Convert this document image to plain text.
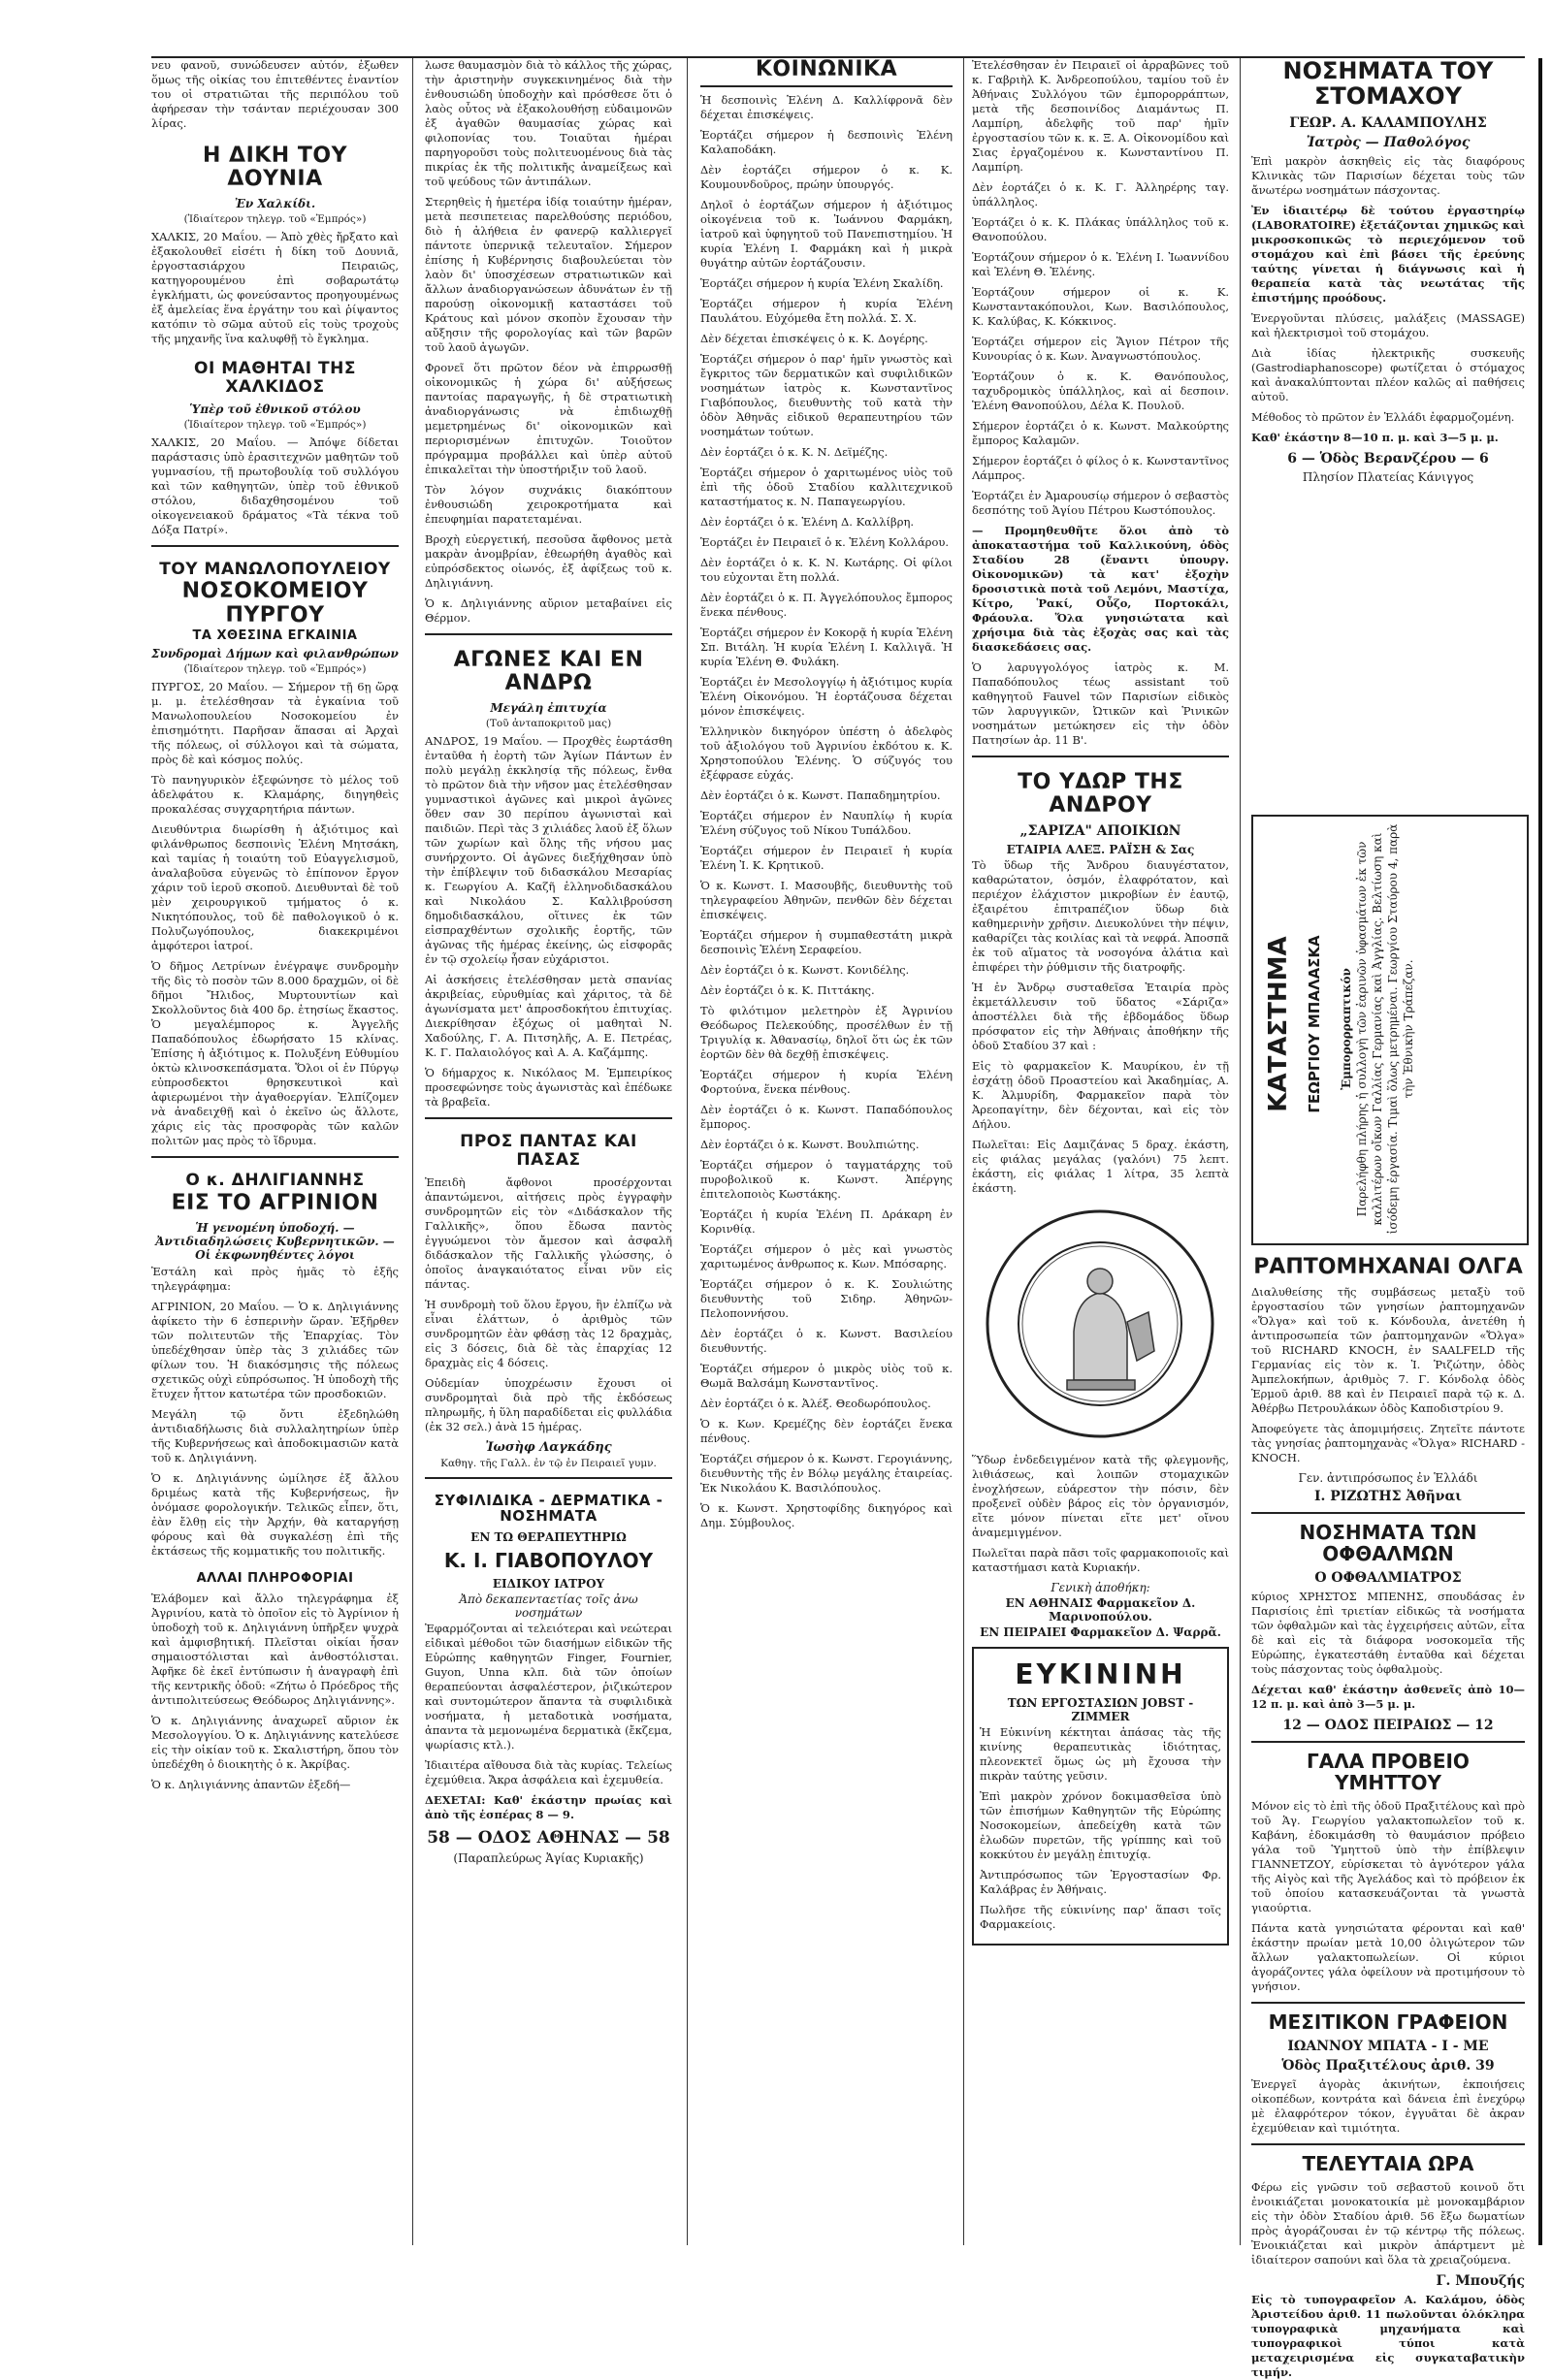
νευ φανοῦ, συνώδευσεν αὐτόν, ἐξωθεν ὅμως τῆς οἰκίας του ἐπιτεθέντες ἐναντίον του οἱ στρατιῶται τῆς περιπόλου τοῦ ἀφήρεσαν τὴν τσάνταν περιέχουσαν 300 λίρας.

Η ΔΙΚΗ ΤΟΥ ΔΟΥΝΙΑ
Ἐν Χαλκίδι.
(Ἰδιαίτερον τηλεγρ. τοῦ «Ἐμπρός»)

ΧΑΛΚΙΣ, 20 Μαΐου. — Ἀπὸ χθὲς ἤρξατο καὶ ἐξακολουθεῖ εἰσέτι ἡ δίκη τοῦ Δουνιᾶ, ἐργοστασιάρχου Πειραιῶς, κατηγορουμένου ἐπὶ σοβαρωτάτῳ ἐγκλήματι, ὡς φονεύσαντος προηγουμένως ἐξ ἀμελείας ἕνα ἐργάτην του καὶ ῥίψαντος κατόπιν τὸ σῶμα αὐτοῦ εἰς τοὺς τροχοὺς τῆς μηχανῆς ἵνα καλυφθῇ τὸ ἔγκλημα.

ΟΙ ΜΑΘΗΤΑΙ ΤΗΣ ΧΑΛΚΙΔΟΣ
Ὑπὲρ τοῦ ἐθνικοῦ στόλου
(Ἰδιαίτερον τηλεγρ. τοῦ «Ἐμπρός»)

ΧΑΛΚΙΣ, 20 Μαΐου. — Ἀπόψε δίδεται παράστασις ὑπὸ ἐρασιτεχνῶν μαθητῶν τοῦ γυμνασίου, τῇ πρωτοβουλίᾳ τοῦ συλλόγου καὶ τῶν καθηγητῶν, ὑπὲρ τοῦ ἐθνικοῦ στόλου, διδαχθησομένου τοῦ οἰκογενειακοῦ δράματος «Τὰ τέκνα τοῦ Δόξα Πατρί».

ΤΟΥ ΜΑΝΩΛΟΠΟΥΛΕΙΟΥ
ΝΟΣΟΚΟΜΕΙΟΥ ΠΥΡΓΟΥ
ΤΑ ΧΘΕΣΙΝΑ ΕΓΚΑΙΝΙΑ
Συνδρομαὶ Δήμων καὶ φιλανθρώπων
(Ἰδιαίτερον τηλεγρ. τοῦ «Ἐμπρός»)

ΠΥΡΓΟΣ, 20 Μαΐου. — Σήμερον τῇ 6ῃ ὥρᾳ μ. μ. ἐτελέσθησαν τὰ ἐγκαίνια τοῦ Μανωλοπουλείου Νοσοκομείου ἐν ἐπισημότητι. Παρῆσαν ἅπασαι αἱ Ἀρχαὶ τῆς πόλεως, οἱ σύλλογοι καὶ τὰ σώματα, πρὸς δὲ καὶ κόσμος πολύς.

Τὸ πανηγυρικὸν ἐξεφώνησε τὸ μέλος τοῦ ἀδελφάτου κ. Κλαμάρης, διηγηθεὶς προκαλέσας συγχαρητήρια πάντων.

Διευθύντρια διωρίσθη ἡ ἀξιότιμος καὶ φιλάνθρωπος δεσποινὶς Ἑλένη Μητσάκη, καὶ ταμίας ἡ τοιαύτη τοῦ Εὐαγγελισμοῦ, ἀναλαβοῦσα εὐγενῶς τὸ ἐπίπονον ἔργον χάριν τοῦ ἱεροῦ σκοποῦ. Διευθυνταὶ δὲ τοῦ μὲν χειρουργικοῦ τμήματος ὁ κ. Νικητόπουλος, τοῦ δὲ παθολογικοῦ ὁ κ. Πολυζωγόπουλος, διακεκριμένοι ἀμφότεροι ἰατροί.

Ὁ δῆμος Λετρίνων ἐνέγραψε συνδρομὴν τῆς δὶς τὸ ποσὸν τῶν 8.000 δραχμῶν, οἱ δὲ δῆμοι Ἤλιδος, Μυρτουντίων καὶ Σκολλοῦντος διὰ 400 δρ. ἐτησίως ἕκαστος. Ὁ μεγαλέμπορος κ. Ἀγγελῆς Παπαδόπουλος ἐδωρήσατο 15 κλίνας. Ἐπίσης ἡ ἀξιότιμος κ. Πολυξένη Εὐθυμίου ὀκτὼ κλινοσκεπάσματα. Ὅλοι οἱ ἐν Πύργῳ εὐπροσδεκτοι θρησκευτικοὶ καὶ ἀφιερωμένοι τὴν ἀγαθοεργίαν. Ἐλπίζομεν νὰ ἀναδειχθῇ καὶ ὁ ἐκεῖνο ὡς ἄλλοτε, χάρις εἰς τὰς προσφορὰς τῶν καλῶν πολιτῶν μας πρὸς τὸ ἵδρυμα.

Ο κ. ΔΗΛΙΓΙΑΝΝΗΣ
ΕΙΣ ΤΟ ΑΓΡΙΝΙΟΝ
Ἡ γενομένη ὑποδοχή. — Ἀντιδιαδηλώσεις Κυβερνητικῶν. — Οἱ ἐκφωνηθέντες λόγοι

Ἐστάλη καὶ πρὸς ἡμᾶς τὸ ἑξῆς τηλεγράφημα:

ΑΓΡΙΝΙΟΝ, 20 Μαΐου. — Ὁ κ. Δηλιγιάννης ἀφίκετο τὴν 6 ἑσπερινὴν ὥραν. Ἐξῆρθεν τῶν πολιτευτῶν τῆς Ἐπαρχίας. Τὸν ὑπεδέχθησαν ὑπὲρ τὰς 3 χιλιάδες τῶν φίλων του. Ἡ διακόσμησις τῆς πόλεως σχετικῶς οὐχὶ εὐπρόσωπος. Ἡ ὑποδοχὴ τῆς ἔτυχεν ἧττον κατωτέρα τῶν προσδοκιῶν.

Μεγάλη τῷ ὄντι ἐξεδηλώθη ἀντιδιαδήλωσις διὰ συλλαλητηρίων ὑπὲρ τῆς Κυβερνήσεως καὶ ἀποδοκιμασιῶν κατὰ τοῦ κ. Δηλιγιάννη.

Ὁ κ. Δηλιγιάννης ὡμίλησε ἐξ ἄλλου δριμέως κατὰ τῆς Κυβερνήσεως, ἣν ὀνόμασε φορολογικήν. Τελικῶς εἶπεν, ὅτι, ἐὰν ἔλθῃ εἰς τὴν Ἀρχήν, θὰ καταργήσῃ φόρους καὶ θὰ συγκαλέσῃ ἐπὶ τῆς ἐκτάσεως τῆς κομματικῆς του πολιτικῆς.

ΑΛΛΑΙ ΠΛΗΡΟΦΟΡΙΑΙ

Ἐλάβομεν καὶ ἄλλο τηλεγράφημα ἐξ Ἀγρινίου, κατὰ τὸ ὁποῖον εἰς τὸ Ἀγρίνιον ἡ ὑποδοχὴ τοῦ κ. Δηλιγιάννη ὑπῆρξεν ψυχρὰ καὶ ἀμφισβητική. Πλεῖσται οἰκίαι ἦσαν σημαιοστόλισται καὶ ἀνθοστόλισται. Ἀφῆκε δὲ ἐκεῖ ἐντύπωσιν ἡ ἀναγραφὴ ἐπὶ τῆς κεντρικῆς ὁδοῦ: «Ζήτω ὁ Πρόεδρος τῆς ἀντιπολιτεύσεως Θεόδωρος Δηλιγιάννης».

Ὁ κ. Δηλιγιάννης ἀναχωρεῖ αὔριον ἐκ Μεσολογγίου. Ὁ κ. Δηλιγιάννης κατελύεσε εἰς τὴν οἰκίαν τοῦ κ. Σκαλιστήρη, ὅπου τὸν ὑπεδέχθη ὁ διοικητὴς ὁ κ. Ἀκρίβας.

Ὁ κ. Δηλιγιάννης ἀπαντῶν ἐξεδή—

λωσε θαυμασμὸν διὰ τὸ κάλλος τῆς χώρας, τὴν ἀριστηνὴν συγκεκινημένος διὰ τὴν ἐνθουσιώδη ὑποδοχὴν καὶ πρόσθεσε ὅτι ὁ λαὸς οὗτος νὰ ἐξακολουθήσῃ εὐδαιμονῶν ἐξ ἀγαθῶν θαυμασίας χώρας καὶ φιλοπονίας του. Τοιαῦται ἡμέραι παρηγοροῦσι τοὺς πολιτευομένους διὰ τὰς πικρίας ἐκ τῆς πολιτικῆς ἀναμείξεως καὶ τοῦ ψεύδους τῶν ἀντιπάλων.

Στερηθεὶς ἡ ἡμετέρα ἰδίᾳ τοιαύτην ἡμέραν, μετὰ πεσιπετειας παρελθούσης περιόδου, διὸ ἡ ἀλήθεια ἐν φανερῷ καλλιεργεῖ πάντοτε ὑπερνικᾷ τελευταῖον. Σήμερον ἐπίσης ἡ Κυβέρνησις διαβουλεύεται τὸν λαὸν δι' ὑποσχέσεων στρατιωτικῶν καὶ ἄλλων ἀναδιοργανώσεων ἀδυνάτων ἐν τῇ παρούσῃ οἰκονομικῇ καταστάσει τοῦ Κράτους καὶ μόνον σκοπὸν ἔχουσαν τὴν αὔξησιν τῆς φορολογίας καὶ τῶν βαρῶν τοῦ λαοῦ ἀγωγῶν.

Φρονεῖ ὅτι πρῶτον δέον νὰ ἐπιρρωσθῇ οἰκονομικῶς ἡ χώρα δι' αὐξήσεως παντοίας παραγωγῆς, ἡ δὲ στρατιωτικὴ ἀναδιοργάνωσις νὰ ἐπιδιωχθῇ μεμετρημένως δι' οἰκονομικῶν καὶ περιορισμένων ἐπιτυχῶν. Τοιοῦτον πρόγραμμα προβάλλει καὶ ὑπὲρ αὐτοῦ ἐπικαλεῖται τὴν ὑποστήριξιν τοῦ λαοῦ.

Τὸν λόγον συχνάκις διακόπτουν ἐνθουσιώδη χειροκροτήματα καὶ ἐπευφημίαι παρατεταμέναι.

Βροχὴ εὐεργετική, πεσοῦσα ἄφθονος μετὰ μακρὰν ἀνομβρίαν, ἐθεωρήθη ἀγαθὸς καὶ εὐπρόσδεκτος οἰωνός, ἐξ ἀφίξεως τοῦ κ. Δηλιγιάννη.

Ὁ κ. Δηλιγιάννης αὔριον μεταβαίνει εἰς Θέρμον.

ΑΓΩΝΕΣ ΚΑΙ ΕΝ ΑΝΔΡΩ
Μεγάλη ἐπιτυχία
(Τοῦ ἀνταποκριτοῦ μας)

ΑΝΔΡΟΣ, 19 Μαΐου. — Προχθὲς ἑωρτάσθη ἐνταῦθα ἡ ἐορτὴ τῶν Ἁγίων Πάντων ἐν πολὺ μεγάλῃ ἐκκλησίᾳ τῆς πόλεως, ἔνθα τὸ πρῶτον διὰ τὴν νῆσον μας ἐτελέσθησαν γυμναστικοὶ ἀγῶνες καὶ μικροὶ ἀγῶνες ὅθεν σαν 30 περίπου ἀγωνισταὶ καὶ παιδιῶν. Περὶ τὰς 3 χιλιάδες λαοῦ ἐξ ὅλων τῶν χωρίων καὶ ὅλης τῆς νήσου μας συνήρχοντο. Οἱ ἀγῶνες διεξήχθησαν ὑπὸ τὴν ἐπίβλεψιν τοῦ διδασκάλου Μεσαρίας κ. Γεωργίου Α. Καζῆ ἑλληνοδιδασκάλου καὶ Νικολάου Σ. Καλλιβρούσση δημοδιδασκάλου, οἵτινες ἐκ τῶν εἰσπραχθέντων σχολικῆς ἑορτῆς, τῶν ἀγῶνας τῆς ἡμέρας ἐκείνης, ὡς εἰσφορᾶς ἐν τῷ σχολείῳ ἦσαν εὐχάριστοι.

Αἱ ἀσκήσεις ἐτελέσθησαν μετὰ σπανίας ἀκριβείας, εὐρυθμίας καὶ χάριτος, τὰ δὲ ἀγωνίσματα μετ' ἀπροσδοκήτου ἐπιτυχίας. Διεκρίθησαν ἐξόχως οἱ μαθηταὶ Ν. Χαδούλης, Γ. Α. Πιτσηλῆς, Α. Ε. Πετρέας, Κ. Γ. Παλαιολόγος καὶ Α. Α. Καζάμπης.

Ὁ δήμαρχος κ. Νικόλαος Μ. Ἐμπειρίκος προσεφώνησε τοὺς ἀγωνιστὰς καὶ ἐπέδωκε τὰ βραβεῖα.

ΠΡΟΣ ΠΑΝΤΑΣ ΚΑΙ ΠΑΣΑΣ

Ἐπειδὴ ἄφθονοι προσέρχονται ἀπαντώμενοι, αἰτήσεις πρὸς ἐγγραφὴν συνδρομητῶν εἰς τὸν «Διδάσκαλον τῆς Γαλλικῆς», ὅπου ἔδωσα παντὸς ἐγγυώμενοι τὸν ἄμεσον καὶ ἀσφαλῆ διδάσκαλον τῆς Γαλλικῆς γλώσσης, ὁ ὁποῖος ἀναγκαιότατος εἶναι νῦν εἰς πάντας.

Ἡ συνδρομὴ τοῦ ὅλου ἔργου, ἣν ἐλπίζω νὰ εἶναι ἐλάττων, ὁ ἀριθμὸς τῶν συνδρομητῶν ἐὰν φθάσῃ τὰς 12 δραχμὰς, εἰς 3 δόσεις, διὰ δὲ τὰς ἐπαρχίας 12 δραχμὰς εἰς 4 δόσεις.

Οὐδεμίαν ὑποχρέωσιν ἔχουσι οἱ συνδρομηταὶ διὰ πρὸ τῆς ἐκδόσεως πληρωμῆς, ἡ ὕλη παραδίδεται εἰς φυλλάδια (ἐκ 32 σελ.) ἀνὰ 15 ἡμέρας.

Ἰωσὴφ Λαγκάδης
Καθηγ. τῆς Γαλλ. ἐν τῷ ἐν Πειραιεῖ γυμν.
ΣΥΦΙΛΙΔΙΚΑ - ΔΕΡΜΑΤΙΚΑ - ΝΟΣΗΜΑΤΑ
ΕΝ ΤΩ ΘΕΡΑΠΕΥΤΗΡΙΩ
Κ. Ι. ΓΙΑΒΟΠΟΥΛΟΥ
ΕΙΔΙΚΟΥ ΙΑΤΡΟΥ
Ἀπὸ δεκαπενταετίας τοῖς ἀνω νοσημάτων

Ἐφαρμόζονται αἱ τελειότεραι καὶ νεώτεραι εἰδικαὶ μέθοδοι τῶν διασήμων εἰδικῶν τῆς Εὐρώπης καθηγητῶν Finger, Fournier, Guyon, Unna κλπ. διὰ τῶν ὁποίων θεραπεύονται ἀσφαλέστερον, ῥιζικώτερον καὶ συντομώτερον ἅπαντα τὰ συφιλιδικὰ νοσήματα, ἡ μεταδοτικὰ νοσήματα, ἀπαντα τὰ μεμονωμένα δερματικὰ (ἔκζεμα, ψωρίασις κτλ.).

Ἰδιαιτέρα αἴθουσα διὰ τὰς κυρίας. Τελείως ἐχεμύθεια. Ἄκρα ἀσφάλεια καὶ ἐχεμυθεία.

ΔΕΧΕΤΑΙ: Καθ' ἑκάστην πρωίας καὶ ἀπὸ τῆς ἑσπέρας 8 — 9.

58 — ΟΔΟΣ ΑΘΗΝΑΣ — 58
(Παραπλεύρως Ἁγίας Κυριακῆς)
ΚΟΙΝΩΝΙΚΑ

Ἡ δεσποινὶς Ἑλένη Δ. Καλλίφρονᾶ δὲν δέχεται ἐπισκέψεις.

Ἑορτάζει σήμερον ἡ δεσποινὶς Ἑλένη Καλαποδάκη.

Δὲν ἑορτάζει σήμερον ὁ κ. Κ. Κουμουνδοῦρος, πρώην ὑπουργός.

Δηλοῖ ὁ ἑορτάζων σήμερον ἡ ἀξιότιμος οἰκογένεια τοῦ κ. Ἰωάννου Φαρμάκη, ἰατροῦ καὶ ὑφηγητοῦ τοῦ Πανεπιστημίου. Ἡ κυρία Ἑλένη Ι. Φαρμάκη καὶ ἡ μικρὰ θυγάτηρ αὐτῶν ἑορτάζουσιν.

Ἑορτάζει σήμερον ἡ κυρία Ἑλένη Σκαλίδη.

Ἑορτάζει σήμερον ἡ κυρία Ἑλένη Παυλάτου. Εὐχόμεθα ἔτη πολλά. Σ. Χ.

Δὲν δέχεται ἐπισκέψεις ὁ κ. Κ. Δογέρης.

Ἑορτάζει σήμερον ὁ παρ' ἡμῖν γνωστὸς καὶ ἔγκριτος τῶν δερματικῶν καὶ συφιλιδικῶν νοσημάτων ἰατρὸς κ. Κωνσταντῖνος Γιαβόπουλος, διευθυντὴς τοῦ κατὰ τὴν ὁδὸν Ἀθηνᾶς εἰδικοῦ θεραπευτηρίου τῶν νοσημάτων τούτων.

Δὲν ἑορτάζει ὁ κ. Κ. Ν. Δεϊμέζης.

Ἑορτάζει σήμερον ὁ χαριτωμένος υἱὸς τοῦ ἐπὶ τῆς ὁδοῦ Σταδίου καλλιτεχνικοῦ καταστήματος κ. Ν. Παπαγεωργίου.

Δὲν ἑορτάζει ὁ κ. Ἑλένη Δ. Καλλίβρη.

Ἑορτάζει ἐν Πειραιεῖ ὁ κ. Ἑλένη Κολλάρου.

Δὲν ἑορτάζει ὁ κ. Κ. Ν. Κωτάρης. Οἱ φίλοι του εὐχονται ἔτη πολλά.

Δὲν ἑορτάζει ὁ κ. Π. Ἀγγελόπουλος ἔμπορος ἕνεκα πένθους.

Ἑορτάζει σήμερον ἐν Κοκορᾷ ἡ κυρία Ἑλένη Σπ. Βιτάλη. Ἡ κυρία Ἑλένη Ι. Καλλιγᾶ. Ἡ κυρία Ἑλένη Θ. Φυλάκη.

Ἑορτάζει ἐν Μεσολογγίῳ ἡ ἀξιότιμος κυρία Ἑλένη Οἰκονόμου. Ἡ ἑορτάζουσα δέχεται μόνον ἐπισκέψεις.

Ἑλληνικὸν δικηγόρον ὑπέστη ὁ ἀδελφὸς τοῦ ἀξιολόγου τοῦ Ἀγρινίου ἐκδότου κ. Κ. Χρηστοπούλου Ἑλένης. Ὁ σύζυγός του ἐξέφρασε εὐχάς.

Δὲν ἑορτάζει ὁ κ. Κωνστ. Παπαδημητρίου.

Ἑορτάζει σήμερον ἐν Ναυπλίῳ ἡ κυρία Ἑλένη σύζυγος τοῦ Νίκου Τυπάλδου.

Ἑορτάζει σήμερον ἐν Πειραιεῖ ἡ κυρία Ἑλένη Ἰ. Κ. Κρητικοῦ.

Ὁ κ. Κωνστ. Ι. Μασουβῆς, διευθυντὴς τοῦ τηλεγραφείου Ἀθηνῶν, πενθῶν δὲν δέχεται ἐπισκέψεις.

Ἑορτάζει σήμερον ἡ συμπαθεστάτη μικρὰ δεσποινὶς Ἑλένη Σεραφείου.

Δὲν ἑορτάζει ὁ κ. Κωνστ. Κονιδέλης.

Δὲν ἑορτάζει ὁ κ. Κ. Πιττάκης.

Τὸ φιλότιμον μελετηρὸν ἐξ Ἀγρινίου Θεόδωρος Πελεκούδης, προσέλθων ἐν τῇ Τριγυλίᾳ κ. Ἀθανασίῳ, δηλοῖ ὅτι ὡς ἐκ τῶν ἑορτῶν δὲν θὰ δεχθῇ ἐπισκέψεις.

Ἑορτάζει σήμερον ἡ κυρία Ἑλένη Φορτούνα, ἕνεκα πένθους.

Δὲν ἑορτάζει ὁ κ. Κωνστ. Παπαδόπουλος ἔμπορος.

Δὲν ἑορτάζει ὁ κ. Κωνστ. Βουλπιώτης.

Ἑορτάζει σήμερον ὁ ταγματάρχης τοῦ πυροβολικοῦ κ. Κωνστ. Ἀπέργης ἐπιτελοποιὸς Κωστάκης.

Ἑορτάζει ἡ κυρία Ἑλένη Π. Δράκαρη ἐν Κορινθίᾳ.

Ἑορτάζει σήμερον ὁ μὲς καὶ γνωστὸς χαριτωμένος ἀνθρωπος κ. Κων. Μπόσαρης.

Ἑορτάζει σήμερον ὁ κ. Κ. Σουλιώτης διευθυντὴς τοῦ Σιδηρ. Ἀθηνῶν-Πελοποννήσου.

Δὲν ἑορτάζει ὁ κ. Κωνστ. Βασιλείου διευθυντής.

Ἑορτάζει σήμερον ὁ μικρὸς υἱὸς τοῦ κ. Θωμᾶ Βαλσάμη Κωνσταντῖνος.

Δὲν ἑορτάζει ὁ κ. Ἀλέξ. Θεοδωρόπουλος.

Ὁ κ. Κων. Κρεμέζης δὲν ἑορτάζει ἕνεκα πένθους.

Ἑορτάζει σήμερον ὁ κ. Κωνστ. Γερογιάννης, διευθυντὴς τῆς ἐν Βόλῳ μεγάλης ἑταιρείας. Ἐκ Νικολάου Κ. Βασιλόπουλος.

Ὁ κ. Κωνστ. Χρηστοφίδης δικηγόρος καὶ Δημ. Σύμβουλος.

Ἐτελέσθησαν ἐν Πειραιεῖ οἱ ἀρραβῶνες τοῦ κ. Γαβριὴλ Κ. Ἀνδρεοπούλου, ταμίου τοῦ ἐν Ἀθήναις Συλλόγου τῶν ἐμπορορράπτων, μετὰ τῆς δεσποινίδος Διαμάντως Π. Λαμπίρη, ἀδελφῆς τοῦ παρ' ἡμῖν ἐργοστασίου τῶν κ. κ. Ξ. Α. Οἰκονομίδου καὶ Σιας ἐργαζομένου κ. Κωνσταντίνου Π. Λαμπίρη.

Δὲν ἑορτάζει ὁ κ. Κ. Γ. Ἀλληρέρης ταγ. ὑπάλληλος.

Ἑορτάζει ὁ κ. Κ. Πλάκας ὑπάλληλος τοῦ κ. Θανοπούλου.

Ἑορτάζουν σήμερον ὁ κ. Ἑλένη Ι. Ἰωαννίδου καὶ Ἑλένη Θ. Ἑλένης.

Ἑορτάζουν σήμερον οἱ κ. Κ. Κωνσταντακόπουλοι, Κων. Βασιλόπουλος, Κ. Καλύβας, Κ. Κόκκινος.

Ἑορτάζει σήμερον εἰς Ἅγιον Πέτρον τῆς Κυνουρίας ὁ κ. Κων. Ἀναγνωστόπουλος.

Ἑορτάζουν ὁ κ. Κ. Θανόπουλος, ταχυδρομικὸς ὑπάλληλος, καὶ αἱ δεσποιν. Ἑλένη Θανοπούλου, Δέλα Κ. Πουλοῦ.

Σήμερον ἑορτάζει ὁ κ. Κωνστ. Μαλκούρτης ἔμπορος Καλαμῶν.

Σήμερον ἑορτάζει ὁ φίλος ὁ κ. Κωνσταντῖνος Λάμπρος.

Ἑορτάζει ἐν Ἀμαρουσίῳ σήμερον ὁ σεβαστὸς δεσπότης τοῦ Ἁγίου Πέτρου Κωστόπουλος.

— Προμηθευθῆτε ὅλοι ἀπὸ τὸ ἀποκαταστήμα τοῦ Καλλικούνη, ὁδὸς Σταδίου 28 (ἔναντι ὑπουργ. Οἰκονομικῶν) τὰ κατ' ἐξοχὴν δροσιστικὰ ποτὰ τοῦ Λεμόνι, Μαστίχα, Κίτρο, Ῥακί, Οὖζο, Πορτοκάλι, Φράουλα. Ὅλα γνησιώτατα καὶ χρήσιμα διὰ τὰς ἐξοχὰς σας καὶ τὰς διασκεδάσεις σας.

Ὁ λαρυγγολόγος ἰατρὸς κ. Μ. Παπαδόπουλος τέως assistant τοῦ καθηγητοῦ Fauvel τῶν Παρισίων εἰδικὸς τῶν λαρυγγικῶν, Ὠτικῶν καὶ Ῥινικῶν νοσημάτων μετώκησεν εἰς τὴν ὁδὸν Πατησίων ἀρ. 11 Β'.

ΤΟ ΥΔΩΡ ΤΗΣ ΑΝΔΡΟΥ
„ΣΑΡΙΖΑ" ΑΠΟΙΚΙΩΝ
ΕΤΑΙΡΙΑ ΑΛΕΞ. ΡΑΪΣΗ & Σας

Τὸ ὕδωρ τῆς Ἄνδρου διαυγέστατον, καθαρώτατον, ὀσμόν, ἐλαφρότατον, καὶ περιέχον ἐλάχιστον μικροβίων ἐν ἑαυτῷ, ἐξαιρέτου ἐπιτραπέζιον ὕδωρ διὰ καθημερινὴν χρῆσιν. Διευκολύνει τὴν πέψιν, καθαρίζει τὰς κοιλίας καὶ τὰ νεφρά. Ἀποσπᾶ ἐκ τοῦ αἵματος τὰ νοσογόνα ἀλάτια καὶ ἐπιφέρει τὴν ῥύθμισιν τῆς διατροφῆς.

Ἡ ἐν Ἄνδρῳ συσταθεῖσα Ἑταιρία πρὸς ἐκμετάλλευσιν τοῦ ὕδατος «Σάριζα» ἀποστέλλει διὰ τῆς ἑβδομάδος ὕδωρ πρόσφατον εἰς τὴν Ἀθήναις ἀποθήκην τῆς ὁδοῦ Σταδίου 37 καὶ :

Εἰς τὸ φαρμακεῖον Κ. Μαυρίκου, ἐν τῇ ἐσχάτῃ ὁδοῦ Προαστείου καὶ Ἀκαδημίας, Α. Κ. Ἀλμυρίδη, Φαρμακεῖον παρὰ τὸν Ἀρεοπαγίτην, δὲν δέχονται, καὶ εἰς τὸν Δήλου.

Πωλεῖται: Εἰς Δαμιζάνας 5 δραχ. ἑκάστη, εἰς φιάλας μεγάλας (γαλόνι) 75 λεπτ. ἑκάστη, εἰς φιάλας 1 λίτρα, 35 λεπτὰ ἑκάστη.

Ὕδωρ ἐνδεδειγμένον κατὰ τῆς φλεγμονῆς, λιθιάσεως, καὶ λοιπῶν στομαχικῶν ἐνοχλήσεων, εὐάρεστον τὴν πόσιν, δὲν προξενεῖ οὐδὲν βάρος εἰς τὸν ὀργανισμόν, εἴτε μόνον πίνεται εἴτε μετ' οἴνου ἀναμεμιγμένον.

Πωλεῖται παρὰ πᾶσι τοῖς φαρμακοποιοῖς καὶ καταστήμασι κατὰ Κυριακήν.

Γενικὴ ἀποθήκη:
ΕΝ ΑΘΗΝΑΙΣ Φαρμακεῖον Δ. Μαρινοπούλου.
ΕΝ ΠΕΙΡΑΙΕΙ Φαρμακεῖον Δ. Ψαρρᾶ.
ΕΥΚΙΝΙΝΗ
ΤΩΝ ΕΡΓΟΣΤΑΣΙΩΝ JOBST - ZIMMER

Ἡ Εὐκινίνη κέκτηται ἁπάσας τὰς τῆς κινίνης θεραπευτικὰς ἰδιότητας, πλεονεκτεῖ ὅμως ὡς μὴ ἔχουσα τὴν πικρὰν ταύτης γεῦσιν.

Ἐπὶ μακρὸν χρόνον δοκιμασθεῖσα ὑπὸ τῶν ἐπισήμων Καθηγητῶν τῆς Εὐρώπης Νοσοκομείων, ἀπεδείχθη κατὰ τῶν ἐλωδῶν πυρετῶν, τῆς γρίππης καὶ τοῦ κοκκύτου ἐν μεγάλῃ ἐπιτυχίᾳ.

Ἀντιπρόσωπος τῶν Ἐργοστασίων Φρ. Καλάβρας ἐν Ἀθήναις.

Πωλῆσε τῆς εὐκινίνης παρ' ἅπασι τοῖς Φαρμακείοις.

ΝΟΣΗΜΑΤΑ ΤΟΥ ΣΤΟΜΑΧΟΥ
ΓΕΩΡ. Α. ΚΑΛΑΜΠΟΥΛΗΣ
Ἰατρὸς — Παθολόγος

Ἐπὶ μακρὸν ἀσκηθεὶς εἰς τὰς διαφόρους Κλινικὰς τῶν Παρισίων δέχεται τοὺς τῶν ἄνωτέρω νοσημάτων πάσχοντας.

Ἐν ἰδιαιτέρῳ δὲ τούτου ἐργαστηρίῳ (LABORATOIRE) ἐξετάζονται χημικῶς καὶ μικροσκοπικῶς τὸ περιεχόμενον τοῦ στομάχου καὶ ἐπὶ βάσει τῆς ἐρεύνης ταύτης γίνεται ἡ διάγνωσις καὶ ἡ θεραπεία κατὰ τὰς νεωτάτας τῆς ἐπιστήμης προόδους.

Ἐνεργοῦνται πλύσεις, μαλάξεις (MASSAGE) καὶ ἠλεκτρισμοὶ τοῦ στομάχου.

Διὰ ἰδίας ἠλεκτρικῆς συσκευῆς (Gastrodiaphanoscope) φωτίζεται ὁ στόμαχος καὶ ἀνακαλύπτονται πλέον καλῶς αἱ παθήσεις αὐτοῦ.

Μέθοδος τὸ πρῶτον ἐν Ἑλλάδι ἐφαρμοζομένη.

Καθ' ἑκάστην 8—10 π. μ. καὶ 3—5 μ. μ.

6 — Ὁδὸς Βερανζέρου — 6
Πλησίον Πλατείας Κάνιγγος
ΚΑΤΑΣΤΗΜΑ ΓΕΩΡΓΙΟΥ ΜΠΑΛΑΣΚΑ	Ἐμπορορραπτικόν Παρελήφθη πλήρης ἡ συλλογὴ τῶν ἐαρινῶν ὑφασμάτων ἐκ τῶν καλλιτέρων οἴκων Γαλλίας Γερμανίας καὶ Ἀγγλίας. Βελτίωση καὶ ἰσόδεμη ἐργασία. Τιμαὶ ὅλως μετρημέναι. Γεωργίου Σταύρου 4, παρὰ τὴν Ἑθνικὴν Τράπεζαν.
ΡΑΠΤΟΜΗΧΑΝΑΙ ΟΛΓΑ

Διαλυθείσης τῆς συμβάσεως μεταξὺ τοῦ ἐργοστασίου τῶν γνησίων ῥαπτομηχανῶν «Ὄλγα» καὶ τοῦ κ. Κόνδουλα, ἀνετέθη ἡ ἀντιπροσωπεία τῶν ῥαπτομηχανῶν «Ὄλγα» τοῦ RICHARD KNOCH, ἐν SAALFELD τῆς Γερμανίας εἰς τὸν κ. Ἰ. Ῥιζώτην, ὁδὸς Ἀμπελοκήπων, ἀριθμὸς 7. Γ. Κόνδολᾳ ὁδὸς Ἑρμοῦ ἀριθ. 88 καὶ ἐν Πειραιεῖ παρὰ τῷ κ. Δ. Ἀθέρβω Πετρουλάκων ὁδὸς Καποδιστρίου 9.

Ἀποφεύγετε τὰς ἀπομιμήσεις. Ζητεῖτε πάντοτε τὰς γνησίας ῥαπτομηχανὰς «Ὄλγα» RICHARD - KNOCH.

Γεν. ἀντιπρόσωπος ἐν Ἑλλάδι
Ι. ΡΙΖΩΤΗΣ Ἀθῆναι
ΝΟΣΗΜΑΤΑ ΤΩΝ ΟΦΘΑΛΜΩΝ
Ο ΟΦΘΑΛΜΙΑΤΡΟΣ

κύριος ΧΡΗΣΤΟΣ ΜΠΕΝΗΣ, σπουδάσας ἐν Παρισίοις ἐπὶ τριετίαν εἰδικῶς τὰ νοσήματα τῶν ὀφθαλμῶν καὶ τὰς ἐγχειρήσεις αὐτῶν, εἶτα δὲ καὶ εἰς τὰ διάφορα νοσοκομεῖα τῆς Εὐρώπης, ἐγκατεστάθη ἐνταῦθα καὶ δέχεται τοὺς πάσχοντας τοὺς ὀφθαλμοὺς.

Δέχεται καθ' ἑκάστην ἀσθενεῖς ἀπὸ 10—12 π. μ. καὶ ἀπὸ 3—5 μ. μ.

12 — ΟΔΟΣ ΠΕΙΡΑΙΩΣ — 12
ΓΑΛΑ ΠΡΟΒΕΙΟ ΥΜΗΤΤΟΥ

Μόνον εἰς τὸ ἐπὶ τῆς ὁδοῦ Πραξιτέλους καὶ πρὸ τοῦ Ἁγ. Γεωργίου γαλακτοπωλεῖον τοῦ κ. Καβάνη, ἐδοκιμάσθη τὸ θαυμάσιον πρόβειο γάλα τοῦ Ὑμηττοῦ ὑπὸ τὴν ἐπίβλεψιν ΓΙΑΝΝΕΤΖΟΥ, εὑρίσκεται τὸ ἀγνότερον γάλα τῆς Αἰγὸς καὶ τῆς Ἀγελάδος καὶ τὸ πρόβειον ἐκ τοῦ ὁποίου κατασκευάζονται τὰ γνωστὰ γιαούρτια.

Πάντα κατὰ γνησιώτατα φέρονται καὶ καθ' ἑκάστην πρωίαν μετὰ 10,00 ὀλιγώτερον τῶν ἄλλων γαλακτοπωλείων. Οἱ κύριοι ἀγοράζοντες γάλα ὀφείλουν νὰ προτιμήσουν τὸ γνήσιον.

ΜΕΣΙΤΙΚΟΝ ΓΡΑΦΕΙΟΝ
ΙΩΑΝΝΟΥ ΜΠΑΤΑ - Ι - ΜΕ
Ὁδὸς Πραξιτέλους ἀριθ. 39

Ἐνεργεῖ ἀγορὰς ἀκινήτων, ἐκποιήσεις οἰκοπέδων, κοντράτα καὶ δάνεια ἐπὶ ἐνεχύρῳ μὲ ἐλαφρότερον τόκον, ἐγγυᾶται δὲ ἀκραν ἐχεμύθειαν καὶ τιμιότητα.

ΤΕΛΕΥΤΑΙΑ ΩΡΑ

Φέρω εἰς γνῶσιν τοῦ σεβαστοῦ κοινοῦ ὅτι ἐνοικιάζεται μονοκατοικία μὲ μονοκαμβάριον εἰς τὴν ὁδὸν Σταδίου ἀριθ. 56 ἔξω δωματίων πρὸς ἀγοράζουσαι ἐν τῷ κέντρῳ τῆς πόλεως. Ἐνοικιάζεται καὶ μικρὸν ἀπάρτμεντ μὲ ἰδιαίτερον σαπούνι καὶ ὅλα τὰ χρειαζούμενα.

Γ. Μπουζής

Εἰς τὸ τυπογραφεῖον Α. Καλάμου, ὁδὸς Ἀριστείδου ἀριθ. 11 πωλοῦνται ὁλόκληρα τυπογραφικὰ μηχανήματα καὶ τυπογραφικοὶ τύποι κατὰ μεταχειρισμένα εἰς συγκαταβατικὴν τιμήν.
